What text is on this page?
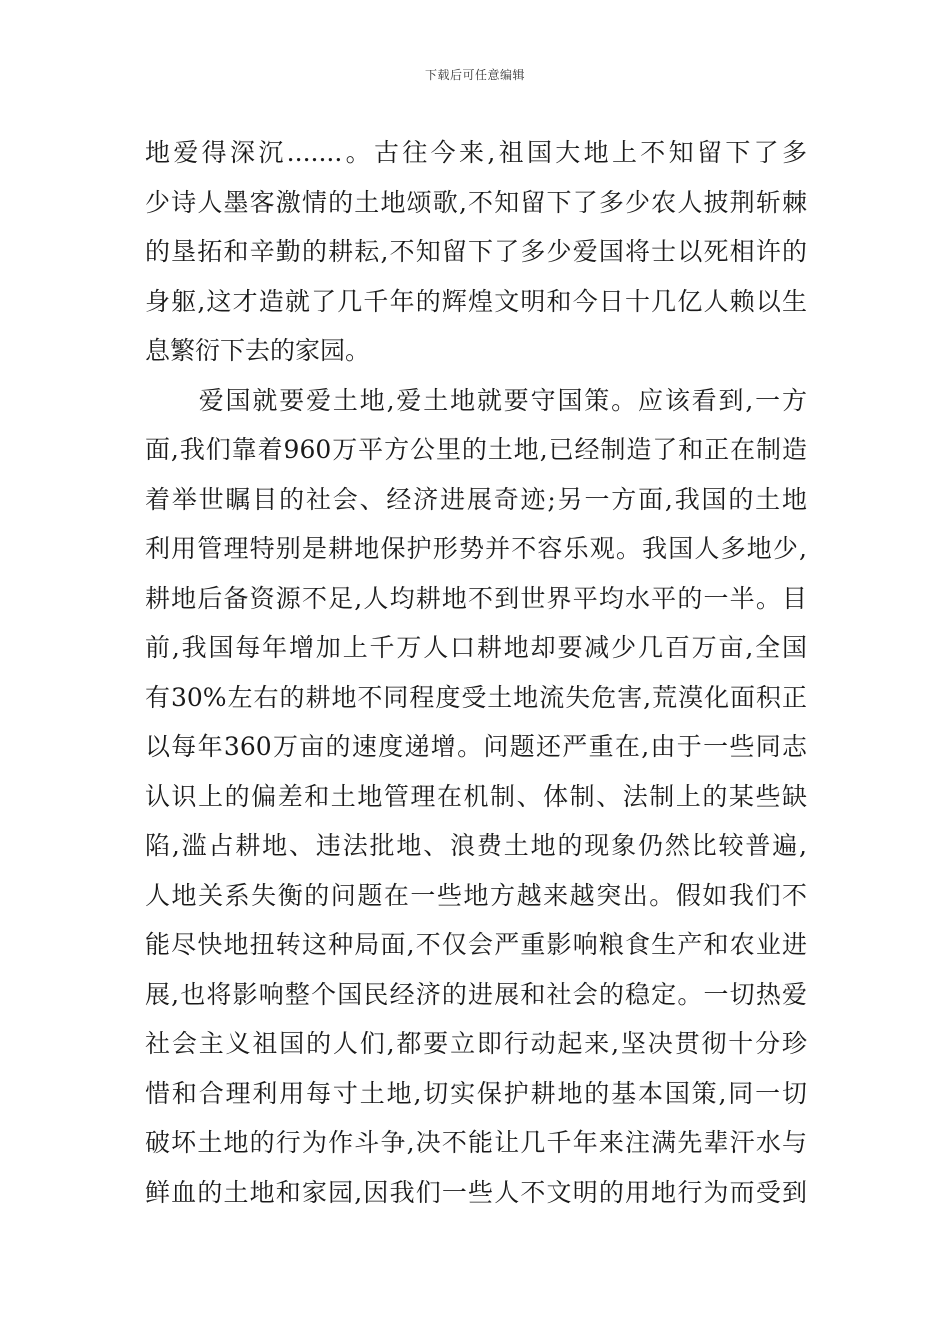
下载后可任意编辑
地爱得深沉.......。古往今来,祖国大地上不知留下了多
少诗人墨客激情的土地颂歌,不知留下了多少农人披荆斩棘
的垦拓和辛勤的耕耘,不知留下了多少爱国将士以死相许的
身躯,这才造就了几千年的辉煌文明和今日十几亿人赖以生
息繁衍下去的家园。
　　爱国就要爱土地,爱土地就要守国策。应该看到,一方
面,我们靠着960万平方公里的土地,已经制造了和正在制造
着举世瞩目的社会、经济进展奇迹;另一方面,我国的土地
利用管理特别是耕地保护形势并不容乐观。我国人多地少,
耕地后备资源不足,人均耕地不到世界平均水平的一半。目
前,我国每年增加上千万人口耕地却要减少几百万亩,全国
有30%左右的耕地不同程度受土地流失危害,荒漠化面积正
以每年360万亩的速度递增。问题还严重在,由于一些同志
认识上的偏差和土地管理在机制、体制、法制上的某些缺
陷,滥占耕地、违法批地、浪费土地的现象仍然比较普遍,
人地关系失衡的问题在一些地方越来越突出。假如我们不
能尽快地扭转这种局面,不仅会严重影响粮食生产和农业进
展,也将影响整个国民经济的进展和社会的稳定。一切热爱
社会主义祖国的人们,都要立即行动起来,坚决贯彻十分珍
惜和合理利用每寸土地,切实保护耕地的基本国策,同一切
破坏土地的行为作斗争,决不能让几千年来注满先辈汗水与
鲜血的土地和家园,因我们一些人不文明的用地行为而受到
